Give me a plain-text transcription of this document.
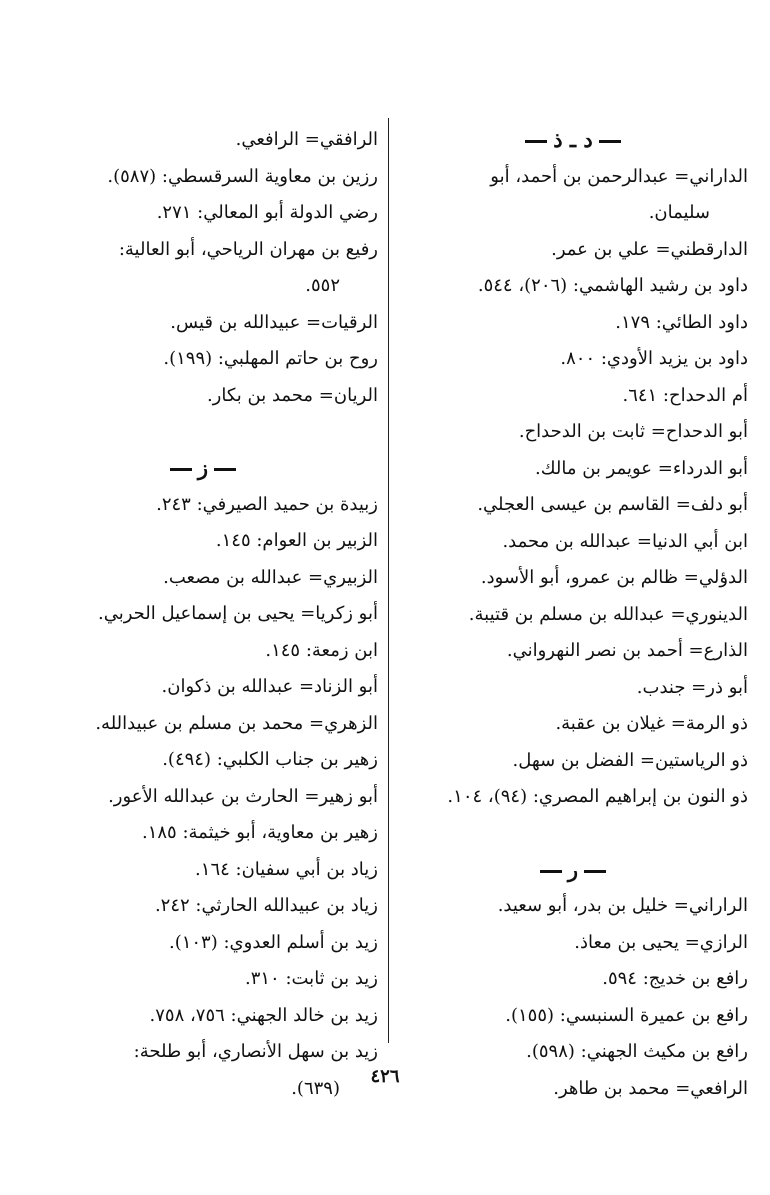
د ـ ذ

الداراني= عبدالرحمن بن أحمد، أبو

سليمان.

الدارقطني= علي بن عمر.

داود بن رشيد الهاشمي: (٢٠٦)، ٥٤٤.

داود الطائي: ١٧٩.

داود بن يزيد الأودي: ٨٠٠.

أم الدحداح: ٦٤١.

أبو الدحداح= ثابت بن الدحداح.

أبو الدرداء= عويمر بن مالك.

أبو دلف= القاسم بن عيسى العجلي.

ابن أبي الدنيا= عبدالله بن محمد.

الدؤلي= ظالم بن عمرو، أبو الأسود.

الدينوري= عبدالله بن مسلم بن قتيبة.

الذارع= أحمد بن نصر النهرواني.

أبو ذر= جندب.

ذو الرمة= غيلان بن عقبة.

ذو الرياستين= الفضل بن سهل.

ذو النون بن إبراهيم المصري: (٩٤)، ١٠٤.

ر

الراراني= خليل بن بدر، أبو سعيد.

الرازي= يحيى بن معاذ.

رافع بن خديج: ٥٩٤.

رافع بن عميرة السنبسي: (١٥٥).

رافع بن مكيث الجهني: (٥٩٨).

الرافعي= محمد بن طاهر.

الرافقي= الرافعي.

رزين بن معاوية السرقسطي: (٥٨٧).

رضي الدولة أبو المعالي: ٢٧١.

رفيع بن مهران الرياحي، أبو العالية:

٥٥٢.

الرقيات= عبيدالله بن قيس.

روح بن حاتم المهلبي: (١٩٩).

الريان= محمد بن بكار.

ز

زبيدة بن حميد الصيرفي: ٢٤٣.

الزبير بن العوام: ١٤٥.

الزبيري= عبدالله بن مصعب.

أبو زكريا= يحيى بن إسماعيل الحربي.

ابن زمعة: ١٤٥.

أبو الزناد= عبدالله بن ذكوان.

الزهري= محمد بن مسلم بن عبيدالله.

زهير بن جناب الكلبي: (٤٩٤).

أبو زهير= الحارث بن عبدالله الأعور.

زهير بن معاوية، أبو خيثمة: ١٨٥.

زياد بن أبي سفيان: ١٦٤.

زياد بن عبيدالله الحارثي: ٢٤٢.

زيد بن أسلم العدوي: (١٠٣).

زيد بن ثابت: ٣١٠.

زيد بن خالد الجهني: ٧٥٦، ٧٥٨.

زيد بن سهل الأنصاري، أبو طلحة:

(٦٣٩).

٤٢٦
